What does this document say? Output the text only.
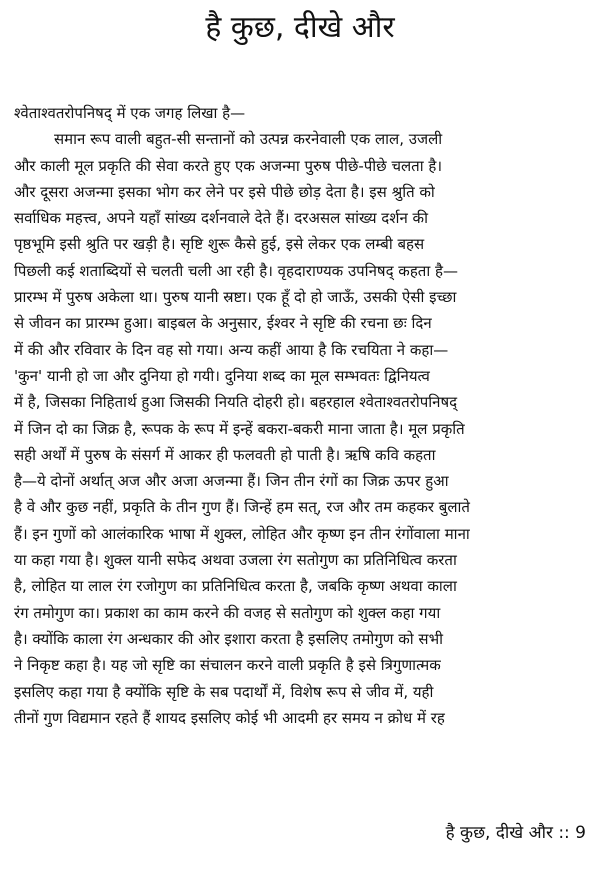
है कुछ, दीखे और
श्वेताश्वतरोपनिषद् में एक जगह लिखा है—
समान रूप वाली बहुत-सी सन्तानों को उत्पन्न करनेवाली एक लाल, उजली
और काली मूल प्रकृति की सेवा करते हुए एक अजन्मा पुरुष पीछे-पीछे चलता है।
और दूसरा अजन्मा इसका भोग कर लेने पर इसे पीछे छोड़ देता है। इस श्रुति को
सर्वाधिक महत्त्व, अपने यहाँ सांख्य दर्शनवाले देते हैं। दरअसल सांख्य दर्शन की
पृष्ठभूमि इसी श्रुति पर खड़ी है। सृष्टि शुरू कैसे हुई, इसे लेकर एक लम्बी बहस
पिछली कई शताब्दियों से चलती चली आ रही है। वृहदाराण्यक उपनिषद् कहता है—
प्रारम्भ में पुरुष अकेला था। पुरुष यानी स्रष्टा। एक हूँ दो हो जाऊँ, उसकी ऐसी इच्छा
से जीवन का प्रारम्भ हुआ। बाइबल के अनुसार, ईश्वर ने सृष्टि की रचना छः दिन
में की और रविवार के दिन वह सो गया। अन्य कहीं आया है कि रचयिता ने कहा—
'कुन' यानी हो जा और दुनिया हो गयी। दुनिया शब्द का मूल सम्भवतः द्विनियत्व
में है, जिसका निहितार्थ हुआ जिसकी नियति दोहरी हो। बहरहाल श्वेताश्वतरोपनिषद्
में जिन दो का जिक्र है, रूपक के रूप में इन्हें बकरा-बकरी माना जाता है। मूल प्रकृति
सही अर्थों में पुरुष के संसर्ग में आकर ही फलवती हो पाती है। ऋषि कवि कहता
है—ये दोनों अर्थात् अज और अजा अजन्मा हैं। जिन तीन रंगों का जिक्र ऊपर हुआ
है वे और कुछ नहीं, प्रकृति के तीन गुण हैं। जिन्हें हम सत्, रज और तम कहकर बुलाते
हैं। इन गुणों को आलंकारिक भाषा में शुक्ल, लोहित और कृष्ण इन तीन रंगोंवाला माना
या कहा गया है। शुक्ल यानी सफेद अथवा उजला रंग सतोगुण का प्रतिनिधित्व करता
है, लोहित या लाल रंग रजोगुण का प्रतिनिधित्व करता है, जबकि कृष्ण अथवा काला
रंग तमोगुण का। प्रकाश का काम करने की वजह से सतोगुण को शुक्ल कहा गया
है। क्योंकि काला रंग अन्धकार की ओर इशारा करता है इसलिए तमोगुण को सभी
ने निकृष्ट कहा है। यह जो सृष्टि का संचालन करने वाली प्रकृति है इसे त्रिगुणात्मक
इसलिए कहा गया है क्योंकि सृष्टि के सब पदार्थों में, विशेष रूप से जीव में, यही
तीनों गुण विद्यमान रहते हैं शायद इसलिए कोई भी आदमी हर समय न क्रोध में रह
है कुछ, दीखे और :: 9
